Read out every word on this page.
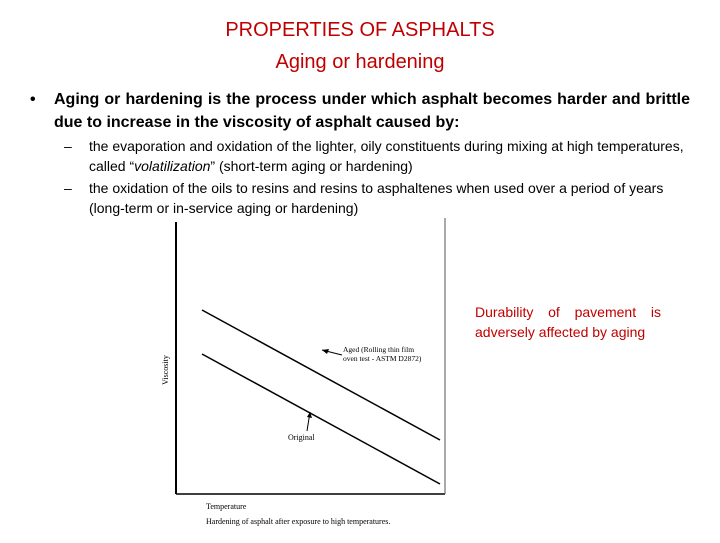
PROPERTIES OF ASPHALTS
Aging or hardening
• Aging or hardening is the process under which asphalt becomes harder and brittle due to increase in the viscosity of asphalt caused by:
– the evaporation and oxidation of the lighter, oily constituents during mixing at high temperatures, called “volatilization” (short-term aging or hardening)
– the oxidation of the oils to resins and resins to asphaltenes when used over a period of years (long-term or in-service aging or hardening)
Viscosity
Aged (Rolling thin film
oven test - ASTM D2872)
Original
Temperature
Hardening of asphalt after exposure to high temperatures.
Durability of pavement is adversely affected by aging
